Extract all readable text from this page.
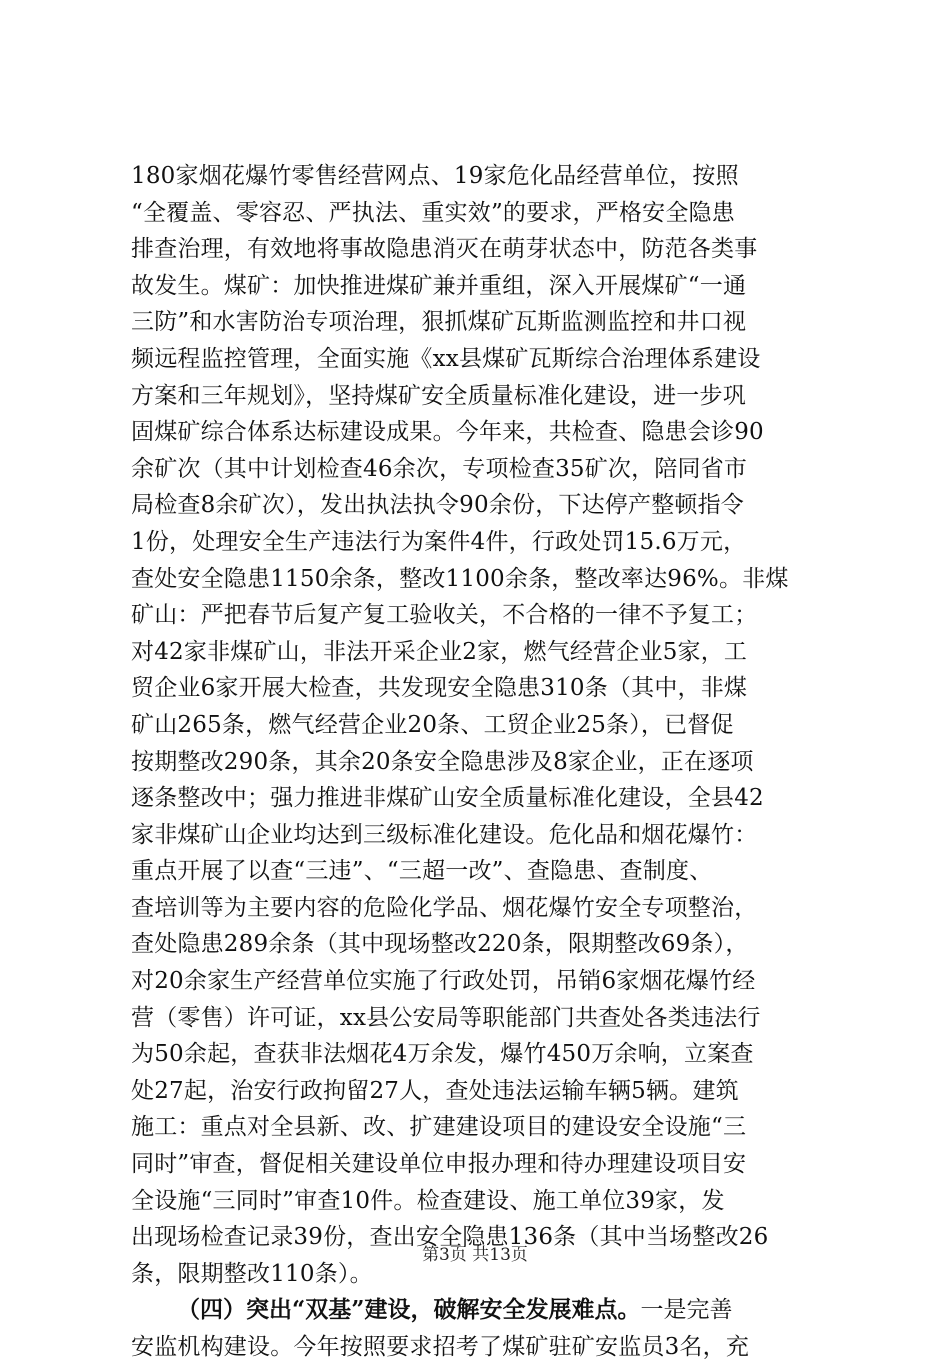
180家烟花爆竹零售经营网点、19家危化品经营单位，按照
“全覆盖、零容忍、严执法、重实效”的要求，严格安全隐患
排查治理，有效地将事故隐患消灭在萌芽状态中，防范各类事
故发生。煤矿：加快推进煤矿兼并重组，深入开展煤矿“一通
三防”和水害防治专项治理，狠抓煤矿瓦斯监测监控和井口视
频远程监控管理，全面实施《xx县煤矿瓦斯综合治理体系建设
方案和三年规划》，坚持煤矿安全质量标准化建设，进一步巩
固煤矿综合体系达标建设成果。今年来，共检查、隐患会诊90
余矿次（其中计划检查46余次，专项检查35矿次，陪同省市
局检查8余矿次），发出执法执令90余份，下达停产整顿指令
1份，处理安全生产违法行为案件4件，行政处罚15.6万元，
查处安全隐患1150余条，整改1100余条，整改率达96%。非煤
矿山：严把春节后复产复工验收关，不合格的一律不予复工；
对42家非煤矿山，非法开采企业2家，燃气经营企业5家，工
贸企业6家开展大检查，共发现安全隐患310条（其中，非煤
矿山265条，燃气经营企业20条、工贸企业25条），已督促
按期整改290条，其余20条安全隐患涉及8家企业，正在逐项
逐条整改中；强力推进非煤矿山安全质量标准化建设，全县42
家非煤矿山企业均达到三级标准化建设。危化品和烟花爆竹：
重点开展了以查“三违”、“三超一改”、查隐患、查制度、
查培训等为主要内容的危险化学品、烟花爆竹安全专项整治，
查处隐患289余条（其中现场整改220条，限期整改69条），
对20余家生产经营单位实施了行政处罚，吊销6家烟花爆竹经
营（零售）许可证，xx县公安局等职能部门共查处各类违法行
为50余起，查获非法烟花4万余发，爆竹450万余响，立案查
处27起，治安行政拘留27人，查处违法运输车辆5辆。建筑
施工：重点对全县新、改、扩建建设项目的建设安全设施“三
同时”审查，督促相关建设单位申报办理和待办理建设项目安
全设施“三同时”审查10件。检查建设、施工单位39家，发
出现场检查记录39份，查出安全隐患136条（其中当场整改26
条，限期整改110条）。
（四）突出“双基”建设，破解安全发展难点。一是完善
安监机构建设。今年按照要求招考了煤矿驻矿安监员3名，充
第3页 共13页
